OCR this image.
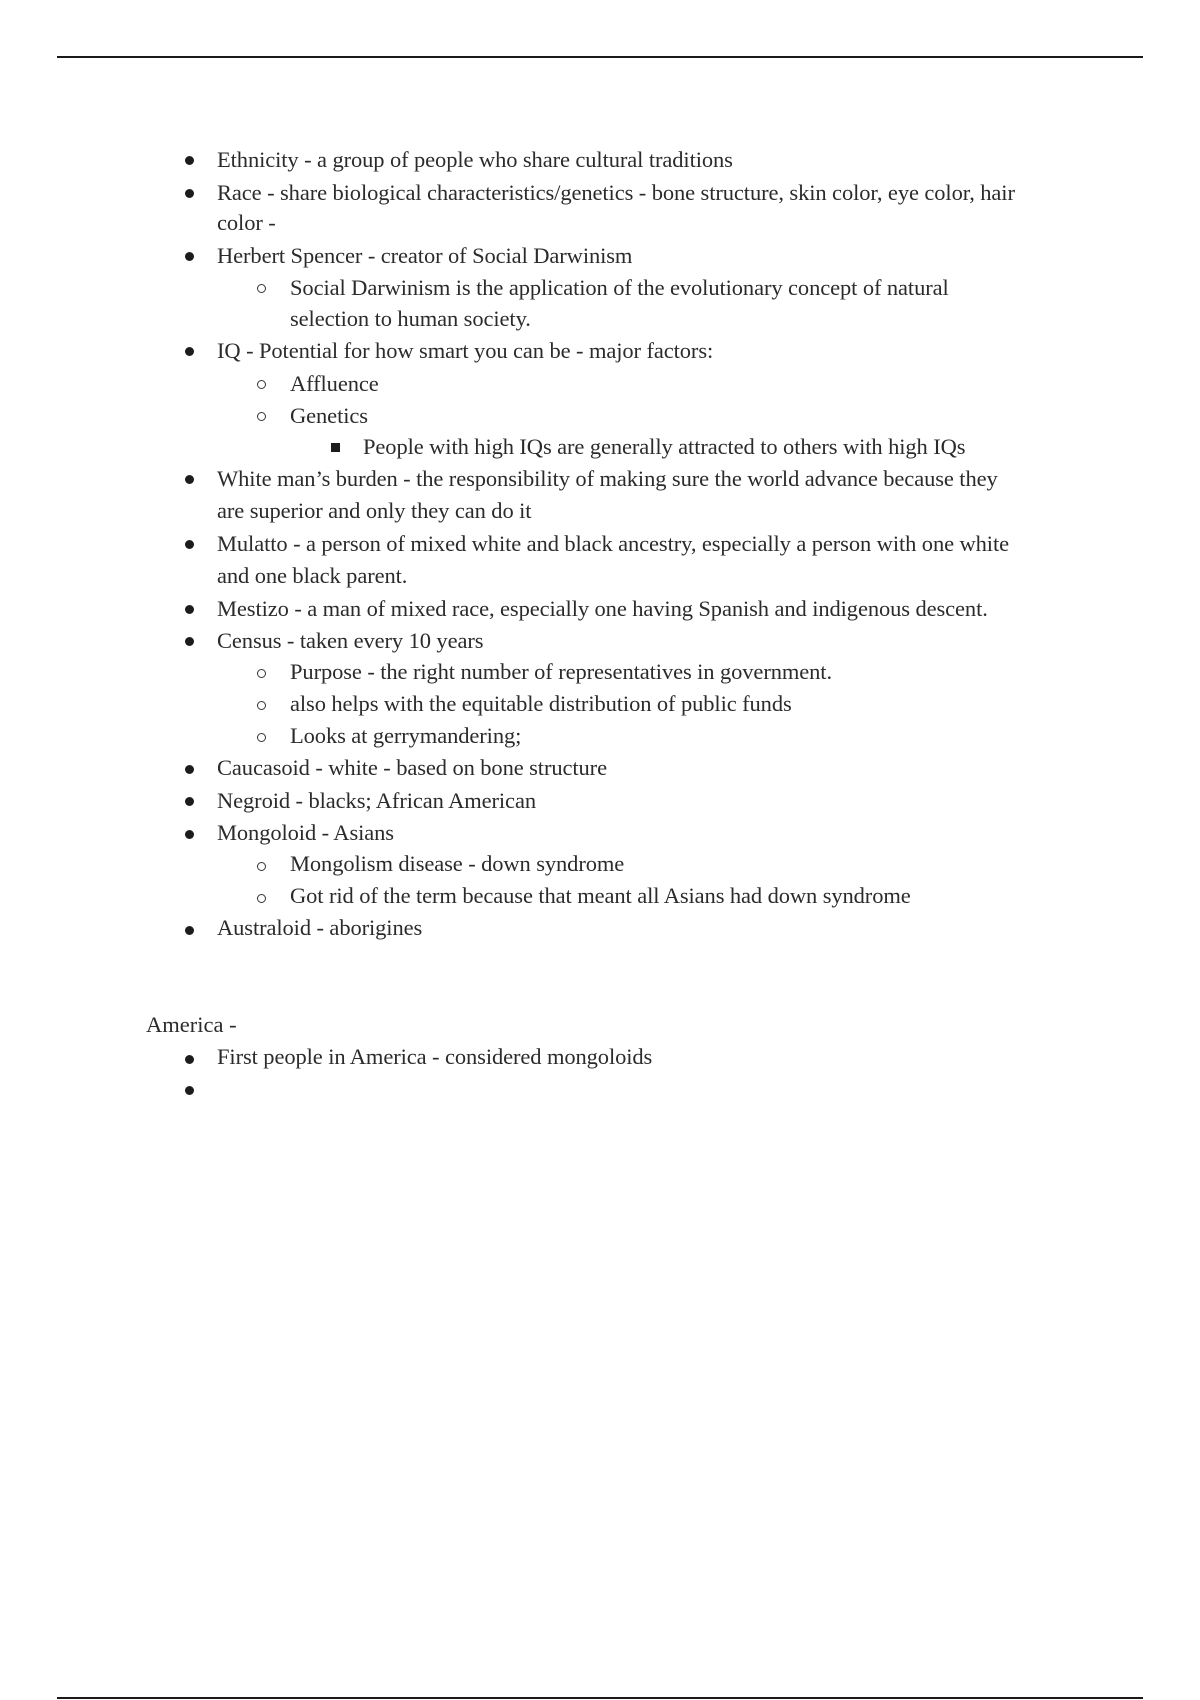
Ethnicity - a group of people who share cultural traditions
Race - share biological characteristics/genetics - bone structure, skin color, eye color, hair
color -
Herbert Spencer - creator of Social Darwinism
Social Darwinism is the application of the evolutionary concept of natural
selection to human society.
IQ - Potential for how smart you can be - major factors:
Affluence
Genetics
People with high IQs are generally attracted to others with high IQs
White man’s burden - the responsibility of making sure the world advance because they
are superior and only they can do it
Mulatto - a person of mixed white and black ancestry, especially a person with one white
and one black parent.
Mestizo - a man of mixed race, especially one having Spanish and indigenous descent.
Census - taken every 10 years
Purpose - the right number of representatives in government.
also helps with the equitable distribution of public funds
Looks at gerrymandering;
Caucasoid - white - based on bone structure
Negroid - blacks; African American
Mongoloid - Asians
Mongolism disease - down syndrome
Got rid of the term because that meant all Asians had down syndrome
Australoid - aborigines
America -
First people in America - considered mongoloids
